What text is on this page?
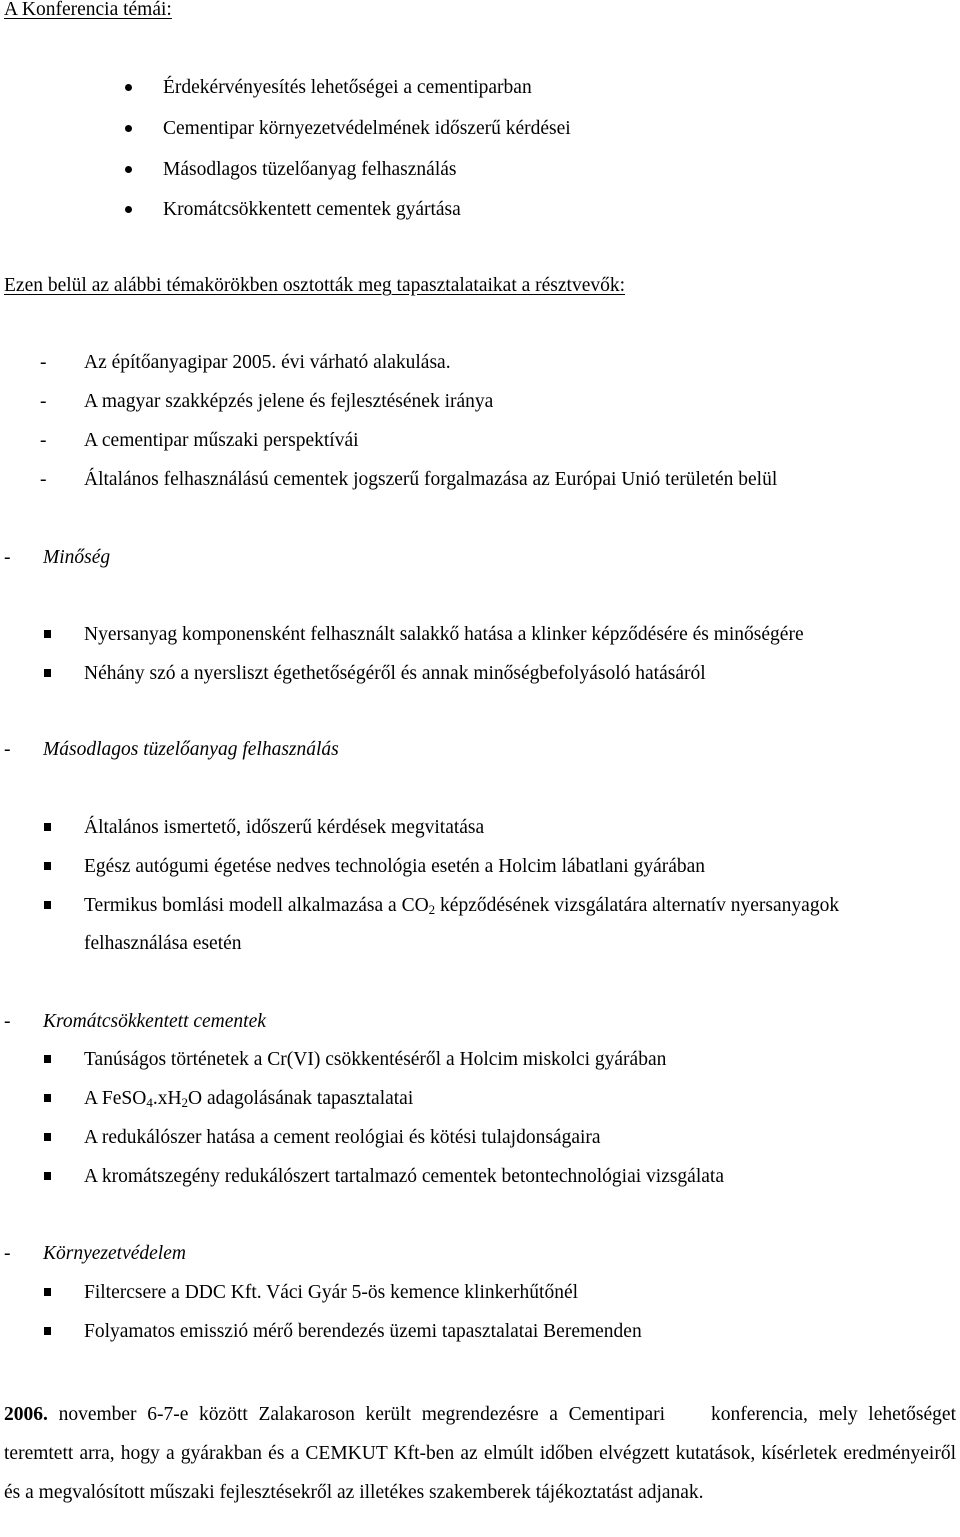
A Konferencia témái:
Érdekérvényesítés lehetőségei a cementiparban
Cementipar környezetvédelmének időszerű kérdései
Másodlagos tüzelőanyag felhasználás
Kromátcsökkentett cementek gyártása
Ezen belül az alábbi témakörökben osztották meg tapasztalataikat a résztvevők:
- Az építőanyagipar 2005. évi várható alakulása.
- A magyar szakképzés jelene és fejlesztésének iránya
- A cementipar műszaki perspektívái
- Általános felhasználású cementek jogszerű forgalmazása az Európai Unió területén belül
- Minőség
Nyersanyag komponensként felhasznált salakkő hatása a klinker képződésére és minőségére
Néhány szó a nyersliszt égethetőségéről és annak minőségbefolyásoló hatásáról
- Másodlagos tüzelőanyag felhasználás
Általános ismertető, időszerű kérdések megvitatása
Egész autógumi égetése nedves technológia esetén a Holcim lábatlani gyárában
Termikus bomlási modell alkalmazása a $CO_2$ képződésének vizsgálatára alternatív nyersanyagok
felhasználása esetén
- Kromátcsökkentett cementek
Tanúságos történetek a Cr(VI) csökkentéséről a Holcim miskolci gyárában
A $FeSO_4.xH_2O$ adagolásának tapasztalatai
A redukálószer hatása a cement reológiai és kötési tulajdonságaira
A kromátszegény redukálószert tartalmazó cementek betontechnológiai vizsgálata
- Környezetvédelem
Filtercsere a DDC Kft. Váci Gyár 5-ös kemence klinkerhűtőnél
Folyamatos emisszió mérő berendezés üzemi tapasztalatai Beremenden
2006. november 6-7-e között Zalakaroson került megrendezésre a Cementipari konferencia, mely lehetőséget teremtett arra, hogy a gyárakban és a CEMKUT Kft-ben az elmúlt időben elvégzett kutatások, kísérletek eredményeiről és a megvalósított műszaki fejlesztésekről az illetékes szakemberek tájékoztatást adjanak.
